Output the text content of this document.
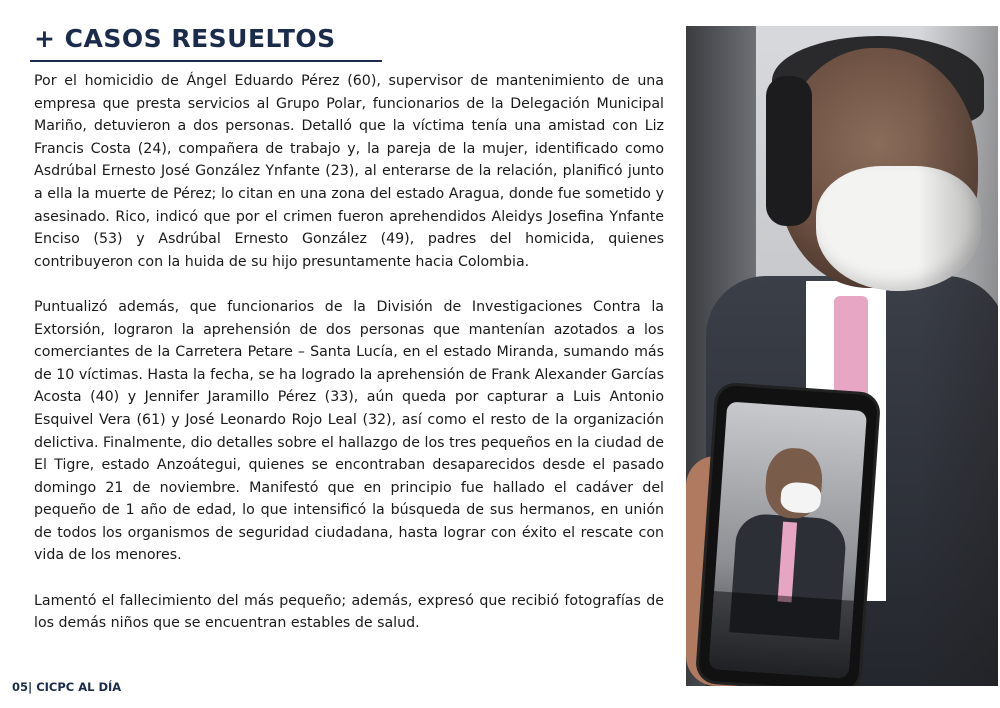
+ CASOS RESUELTOS

Por el homicidio de Ángel Eduardo Pérez (60), supervisor de mantenimiento de una empresa que presta servicios al Grupo Polar, funcionarios de la Delegación Municipal Mariño, detuvieron a dos personas. Detalló que la víctima tenía una amistad con Liz Francis Costa (24), compañera de trabajo y, la pareja de la mujer, identificado como Asdrúbal Ernesto José González Ynfante (23), al enterarse de la relación, planificó junto a ella la muerte de Pérez; lo citan en una zona del estado Aragua, donde fue sometido y asesinado. Rico, indicó que por el crimen fueron aprehendidos Aleidys Josefina Ynfante Enciso (53) y Asdrúbal Ernesto González (49), padres del homicida, quienes contribuyeron con la huida de su hijo presuntamente hacia Colombia.

Puntualizó además, que funcionarios de la División de Investigaciones Contra la Extorsión, lograron la aprehensión de dos personas que mantenían azotados a los comerciantes de la Carretera Petare – Santa Lucía, en el estado Miranda, sumando más de 10 víctimas. Hasta la fecha, se ha logrado la aprehensión de Frank Alexander Garcías Acosta (40) y Jennifer Jaramillo Pérez (33), aún queda por capturar a Luis Antonio Esquivel Vera (61) y José Leonardo Rojo Leal (32), así como el resto de la organización delictiva. Finalmente, dio detalles sobre el hallazgo de los tres pequeños en la ciudad de El Tigre, estado Anzoátegui, quienes se encontraban desaparecidos desde el pasado domingo 21 de noviembre. Manifestó que en principio fue hallado el cadáver del pequeño de 1 año de edad, lo que intensificó la búsqueda de sus hermanos, en unión de todos los organismos de seguridad ciudadana, hasta lograr con éxito el rescate con vida de los menores.

Lamentó el fallecimiento del más pequeño; además, expresó que recibió fotografías de los demás niños que se encuentran estables de salud.

05| CICPC AL DÍA
